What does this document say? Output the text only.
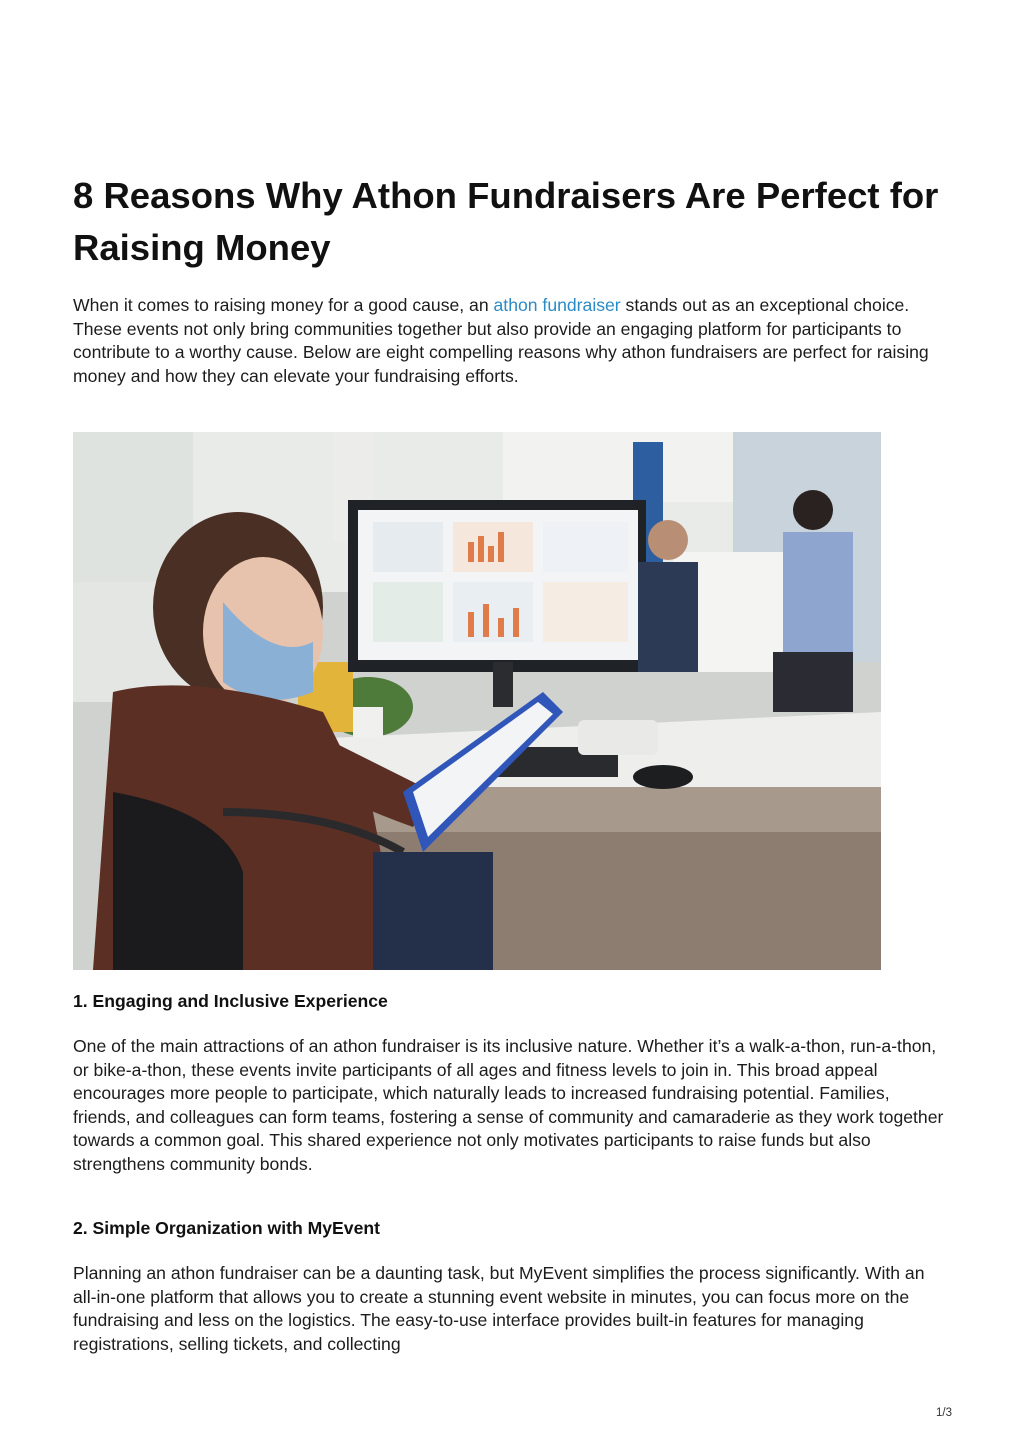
8 Reasons Why Athon Fundraisers Are Perfect for Raising Money

When it comes to raising money for a good cause, an athon fundraiser stands out as an exceptional choice. These events not only bring communities together but also provide an engaging platform for participants to contribute to a worthy cause. Below are eight compelling reasons why athon fundraisers are perfect for raising money and how they can elevate your fundraising efforts.

1. Engaging and Inclusive Experience

One of the main attractions of an athon fundraiser is its inclusive nature. Whether it’s a walk-a-thon, run-a-thon, or bike-a-thon, these events invite participants of all ages and fitness levels to join in. This broad appeal encourages more people to participate, which naturally leads to increased fundraising potential. Families, friends, and colleagues can form teams, fostering a sense of community and camaraderie as they work together towards a common goal. This shared experience not only motivates participants to raise funds but also strengthens community bonds.

2. Simple Organization with MyEvent

Planning an athon fundraiser can be a daunting task, but MyEvent simplifies the process significantly. With an all-in-one platform that allows you to create a stunning event website in minutes, you can focus more on the fundraising and less on the logistics. The easy-to-use interface provides built-in features for managing registrations, selling tickets, and collecting

1/3
